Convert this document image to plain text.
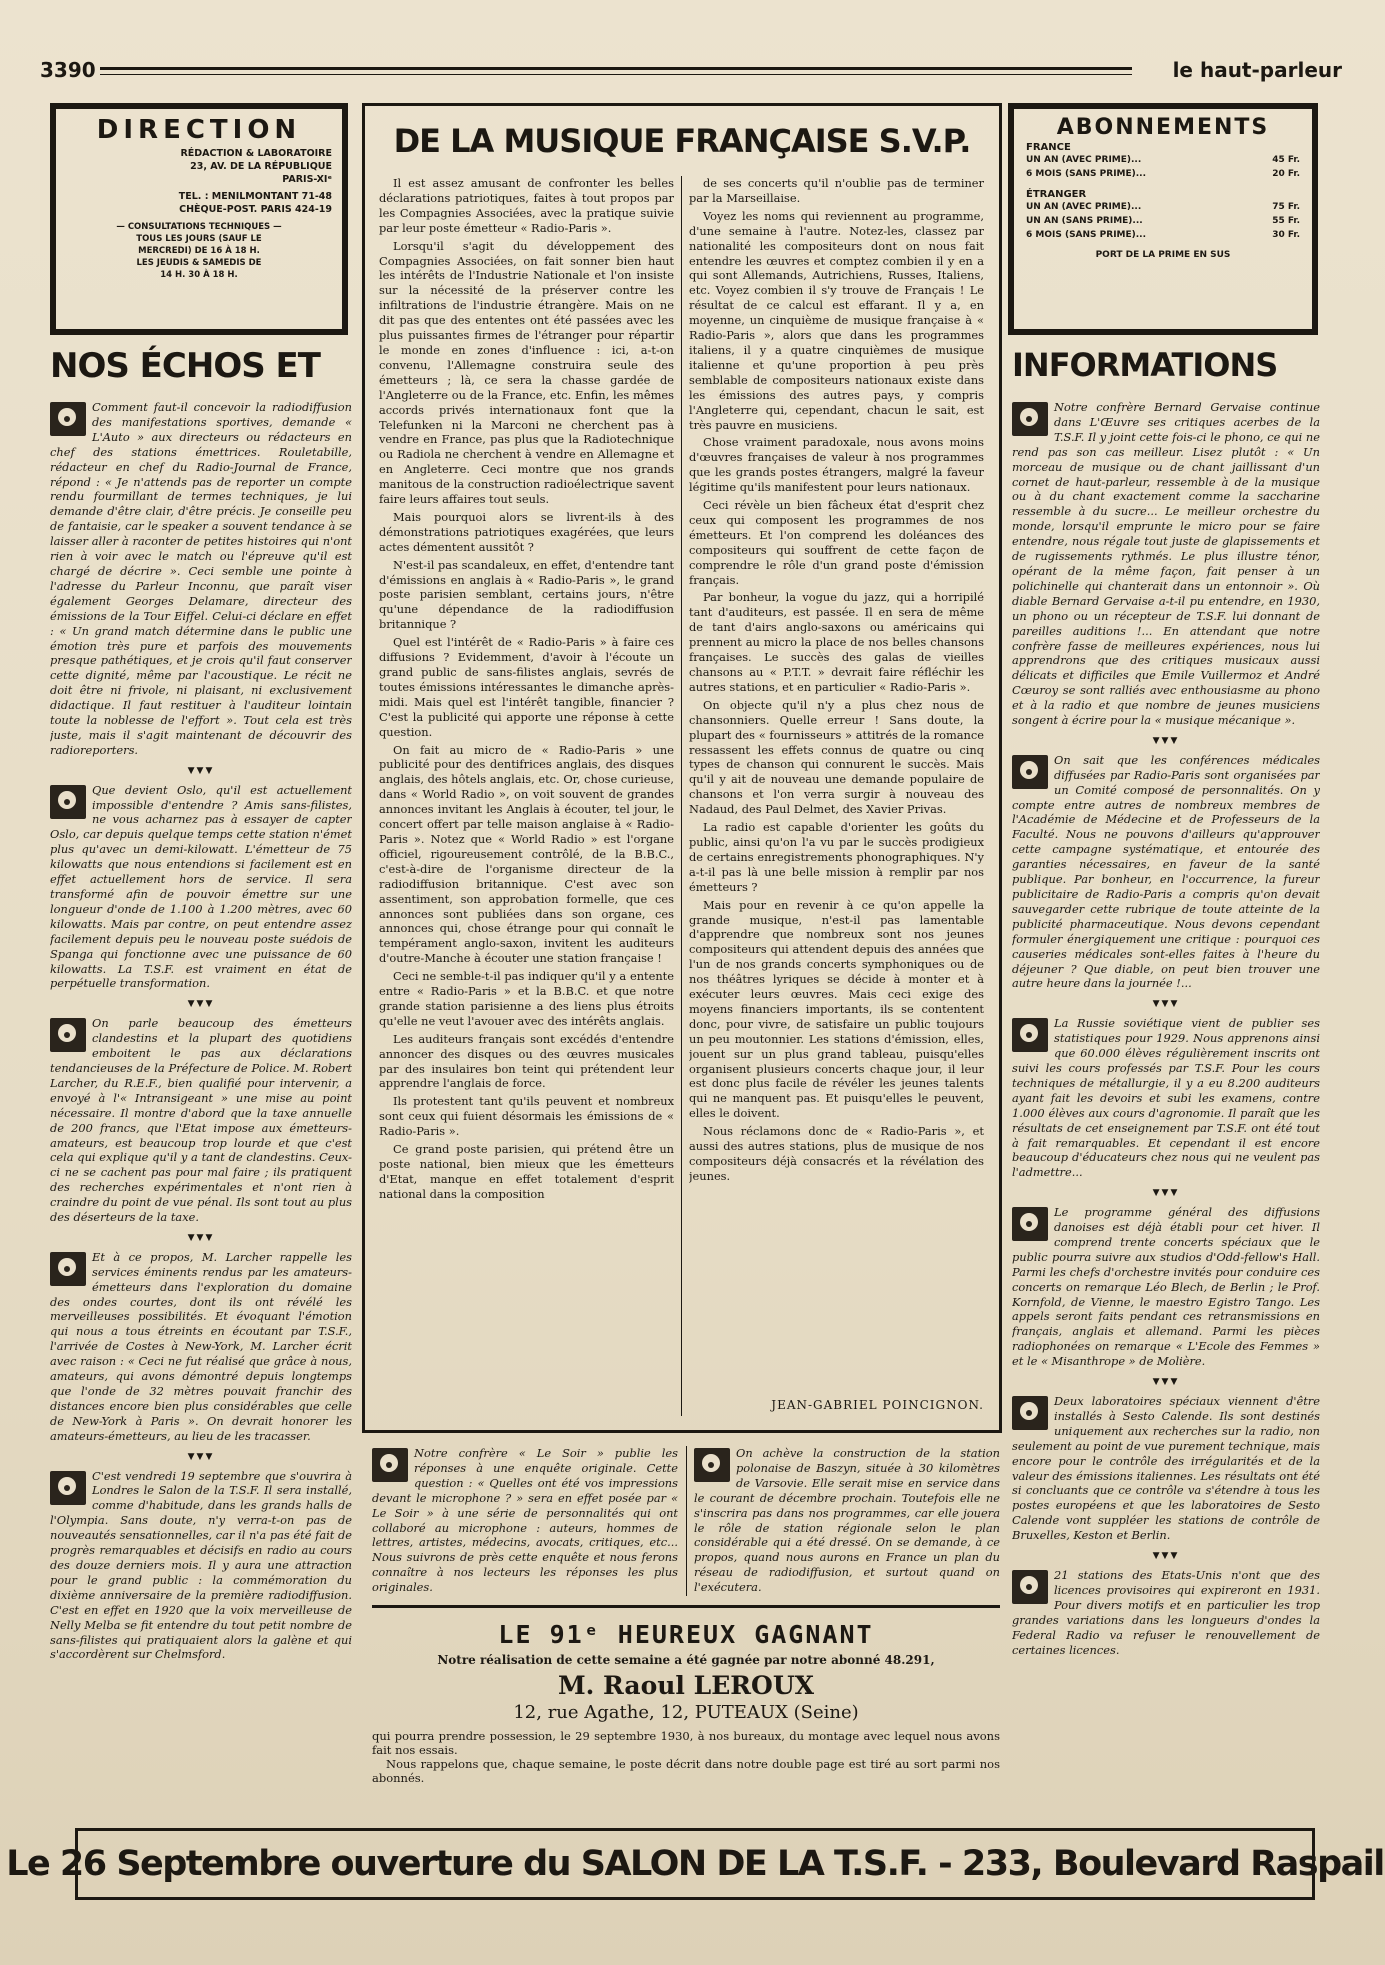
3390	le haut-parleur
DIRECTION
RÉDACTION & LABORATOIRE
23, AV. DE LA RÉPUBLIQUE
PARIS-XIᵉ
TEL. : MENILMONTANT 71-48
CHÈQUE-POST. PARIS 424-19
— CONSULTATIONS TECHNIQUES —
TOUS LES JOURS (SAUF LE
MERCREDI) DE 16 À 18 H.
LES JEUDIS & SAMEDIS DE
14 H. 30 À 18 H.
ABONNEMENTS
FRANCE
UN AN (AVEC PRIME)...	45 Fr.
6 MOIS (SANS PRIME)...	20 Fr.
ÉTRANGER
UN AN (AVEC PRIME)...	75 Fr.
UN AN (SANS PRIME)...	55 Fr.
6 MOIS (SANS PRIME)...	30 Fr.
PORT DE LA PRIME EN SUS
NOS ÉCHOS ET	INFORMATIONS

Comment faut-il concevoir la radiodiffusion des manifestations sportives, demande « L'Auto » aux directeurs ou rédacteurs en chef des stations émettrices. Rouletabille, rédacteur en chef du Radio-Journal de France, répond : « Je n'attends pas de reporter un compte rendu fourmillant de termes techniques, je lui demande d'être clair, d'être précis. Je conseille peu de fantaisie, car le speaker a souvent tendance à se laisser aller à raconter de petites histoires qui n'ont rien à voir avec le match ou l'épreuve qu'il est chargé de décrire ». Ceci semble une pointe à l'adresse du Parleur Inconnu, que paraît viser également Georges Delamare, directeur des émissions de la Tour Eiffel. Celui-ci déclare en effet : « Un grand match détermine dans le public une émotion très pure et parfois des mouvements presque pathétiques, et je crois qu'il faut conserver cette dignité, même par l'acoustique. Le récit ne doit être ni frivole, ni plaisant, ni exclusivement didactique. Il faut restituer à l'auditeur lointain toute la noblesse de l'effort ». Tout cela est très juste, mais il s'agit maintenant de découvrir des radioreporters.

▼▼▼

Que devient Oslo, qu'il est actuellement impossible d'entendre ? Amis sans-filistes, ne vous acharnez pas à essayer de capter Oslo, car depuis quelque temps cette station n'émet plus qu'avec un demi-kilowatt. L'émetteur de 75 kilowatts que nous entendions si facilement est en effet actuellement hors de service. Il sera transformé afin de pouvoir émettre sur une longueur d'onde de 1.100 à 1.200 mètres, avec 60 kilowatts. Mais par contre, on peut entendre assez facilement depuis peu le nouveau poste suédois de Spanga qui fonctionne avec une puissance de 60 kilowatts. La T.S.F. est vraiment en état de perpétuelle transformation.

▼▼▼

On parle beaucoup des émetteurs clandestins et la plupart des quotidiens emboitent le pas aux déclarations tendancieuses de la Préfecture de Police. M. Robert Larcher, du R.E.F., bien qualifié pour intervenir, a envoyé à l'« Intransigeant » une mise au point nécessaire. Il montre d'abord que la taxe annuelle de 200 francs, que l'Etat impose aux émetteurs-amateurs, est beaucoup trop lourde et que c'est cela qui explique qu'il y a tant de clandestins. Ceux-ci ne se cachent pas pour mal faire ; ils pratiquent des recherches expérimentales et n'ont rien à craindre du point de vue pénal. Ils sont tout au plus des déserteurs de la taxe.

▼▼▼

Et à ce propos, M. Larcher rappelle les services éminents rendus par les amateurs-émetteurs dans l'exploration du domaine des ondes courtes, dont ils ont révélé les merveilleuses possibilités. Et évoquant l'émotion qui nous a tous étreints en écoutant par T.S.F., l'arrivée de Costes à New-York, M. Larcher écrit avec raison : « Ceci ne fut réalisé que grâce à nous, amateurs, qui avons démontré depuis longtemps que l'onde de 32 mètres pouvait franchir des distances encore bien plus considérables que celle de New-York à Paris ». On devrait honorer les amateurs-émetteurs, au lieu de les tracasser.

▼▼▼

C'est vendredi 19 septembre que s'ouvrira à Londres le Salon de la T.S.F. Il sera installé, comme d'habitude, dans les grands halls de l'Olympia. Sans doute, n'y verra-t-on pas de nouveautés sensationnelles, car il n'a pas été fait de progrès remarquables et décisifs en radio au cours des douze derniers mois. Il y aura une attraction pour le grand public : la commémoration du dixième anniversaire de la première radiodiffusion. C'est en effet en 1920 que la voix merveilleuse de Nelly Melba se fit entendre du tout petit nombre de sans-filistes qui pratiquaient alors la galène et qui s'accordèrent sur Chelmsford.

Notre confrère Bernard Gervaise continue dans L'Œuvre ses critiques acerbes de la T.S.F. Il y joint cette fois-ci le phono, ce qui ne rend pas son cas meilleur. Lisez plutôt : « Un morceau de musique ou de chant jaillissant d'un cornet de haut-parleur, ressemble à de la musique ou à du chant exactement comme la saccharine ressemble à du sucre... Le meilleur orchestre du monde, lorsqu'il emprunte le micro pour se faire entendre, nous régale tout juste de glapissements et de rugissements rythmés. Le plus illustre ténor, opérant de la même façon, fait penser à un polichinelle qui chanterait dans un entonnoir ». Où diable Bernard Gervaise a-t-il pu entendre, en 1930, un phono ou un récepteur de T.S.F. lui donnant de pareilles auditions !... En attendant que notre confrère fasse de meilleures expériences, nous lui apprendrons que des critiques musicaux aussi délicats et difficiles que Emile Vuillermoz et André Cœuroy se sont ralliés avec enthousiasme au phono et à la radio et que nombre de jeunes musiciens songent à écrire pour la « musique mécanique ».

▼▼▼

On sait que les conférences médicales diffusées par Radio-Paris sont organisées par un Comité composé de personnalités. On y compte entre autres de nombreux membres de l'Académie de Médecine et de Professeurs de la Faculté. Nous ne pouvons d'ailleurs qu'approuver cette campagne systématique, et entourée des garanties nécessaires, en faveur de la santé publique. Par bonheur, en l'occurrence, la fureur publicitaire de Radio-Paris a compris qu'on devait sauvegarder cette rubrique de toute atteinte de la publicité pharmaceutique. Nous devons cependant formuler énergiquement une critique : pourquoi ces causeries médicales sont-elles faites à l'heure du déjeuner ? Que diable, on peut bien trouver une autre heure dans la journée !...

▼▼▼

La Russie soviétique vient de publier ses statistiques pour 1929. Nous apprenons ainsi que 60.000 élèves régulièrement inscrits ont suivi les cours professés par T.S.F. Pour les cours techniques de métallurgie, il y a eu 8.200 auditeurs ayant fait les devoirs et subi les examens, contre 1.000 élèves aux cours d'agronomie. Il paraît que les résultats de cet enseignement par T.S.F. ont été tout à fait remarquables. Et cependant il est encore beaucoup d'éducateurs chez nous qui ne veulent pas l'admettre...

▼▼▼

Le programme général des diffusions danoises est déjà établi pour cet hiver. Il comprend trente concerts spéciaux que le public pourra suivre aux studios d'Odd-fellow's Hall. Parmi les chefs d'orchestre invités pour conduire ces concerts on remarque Léo Blech, de Berlin ; le Prof. Kornfold, de Vienne, le maestro Egistro Tango. Les appels seront faits pendant ces retransmissions en français, anglais et allemand. Parmi les pièces radiophonées on remarque « L'Ecole des Femmes » et le « Misanthrope » de Molière.

▼▼▼

Deux laboratoires spéciaux viennent d'être installés à Sesto Calende. Ils sont destinés uniquement aux recherches sur la radio, non seulement au point de vue purement technique, mais encore pour le contrôle des irrégularités et de la valeur des émissions italiennes. Les résultats ont été si concluants que ce contrôle va s'étendre à tous les postes européens et que les laboratoires de Sesto Calende vont suppléer les stations de contrôle de Bruxelles, Keston et Berlin.

▼▼▼

21 stations des Etats-Unis n'ont que des licences provisoires qui expireront en 1931. Pour divers motifs et en particulier les trop grandes variations dans les longueurs d'ondes la Federal Radio va refuser le renouvellement de certaines licences.

DE LA MUSIQUE FRANÇAISE S.V.P.

Il est assez amusant de confronter les belles déclarations patriotiques, faites à tout propos par les Compagnies Associées, avec la pratique suivie par leur poste émetteur « Radio-Paris ».

Lorsqu'il s'agit du développement des Compagnies Associées, on fait sonner bien haut les intérêts de l'Industrie Nationale et l'on insiste sur la nécessité de la préserver contre les infiltrations de l'industrie étrangère. Mais on ne dit pas que des ententes ont été passées avec les plus puissantes firmes de l'étranger pour répartir le monde en zones d'influence : ici, a-t-on convenu, l'Allemagne construira seule des émetteurs ; là, ce sera la chasse gardée de l'Angleterre ou de la France, etc. Enfin, les mêmes accords privés internationaux font que la Telefunken ni la Marconi ne cherchent pas à vendre en France, pas plus que la Radiotechnique ou Radiola ne cherchent à vendre en Allemagne et en Angleterre. Ceci montre que nos grands manitous de la construction radioélectrique savent faire leurs affaires tout seuls.

Mais pourquoi alors se livrent-ils à des démonstrations patriotiques exagérées, que leurs actes démentent aussitôt ?

N'est-il pas scandaleux, en effet, d'entendre tant d'émissions en anglais à « Radio-Paris », le grand poste parisien semblant, certains jours, n'être qu'une dépendance de la radiodiffusion britannique ?

Quel est l'intérêt de « Radio-Paris » à faire ces diffusions ? Evidemment, d'avoir à l'écoute un grand public de sans-filistes anglais, sevrés de toutes émissions intéressantes le dimanche après-midi. Mais quel est l'intérêt tangible, financier ? C'est la publicité qui apporte une réponse à cette question.

On fait au micro de « Radio-Paris » une publicité pour des dentifrices anglais, des disques anglais, des hôtels anglais, etc. Or, chose curieuse, dans « World Radio », on voit souvent de grandes annonces invitant les Anglais à écouter, tel jour, le concert offert par telle maison anglaise à « Radio-Paris ». Notez que « World Radio » est l'organe officiel, rigoureusement contrôlé, de la B.B.C., c'est-à-dire de l'organisme directeur de la radiodiffusion britannique. C'est avec son assentiment, son approbation formelle, que ces annonces sont publiées dans son organe, ces annonces qui, chose étrange pour qui connaît le tempérament anglo-saxon, invitent les auditeurs d'outre-Manche à écouter une station française !

Ceci ne semble-t-il pas indiquer qu'il y a entente entre « Radio-Paris » et la B.B.C. et que notre grande station parisienne a des liens plus étroits qu'elle ne veut l'avouer avec des intérêts anglais.

Les auditeurs français sont excédés d'entendre annoncer des disques ou des œuvres musicales par des insulaires bon teint qui prétendent leur apprendre l'anglais de force.

Ils protestent tant qu'ils peuvent et nombreux sont ceux qui fuient désormais les émissions de « Radio-Paris ».

Ce grand poste parisien, qui prétend être un poste national, bien mieux que les émetteurs d'Etat, manque en effet totalement d'esprit national dans la composition

de ses concerts qu'il n'oublie pas de terminer par la Marseillaise.

Voyez les noms qui reviennent au programme, d'une semaine à l'autre. Notez-les, classez par nationalité les compositeurs dont on nous fait entendre les œuvres et comptez combien il y en a qui sont Allemands, Autrichiens, Russes, Italiens, etc. Voyez combien il s'y trouve de Français ! Le résultat de ce calcul est effarant. Il y a, en moyenne, un cinquième de musique française à « Radio-Paris », alors que dans les programmes italiens, il y a quatre cinquièmes de musique italienne et qu'une proportion à peu près semblable de compositeurs nationaux existe dans les émissions des autres pays, y compris l'Angleterre qui, cependant, chacun le sait, est très pauvre en musiciens.

Chose vraiment paradoxale, nous avons moins d'œuvres françaises de valeur à nos programmes que les grands postes étrangers, malgré la faveur légitime qu'ils manifestent pour leurs nationaux.

Ceci révèle un bien fâcheux état d'esprit chez ceux qui composent les programmes de nos émetteurs. Et l'on comprend les doléances des compositeurs qui souffrent de cette façon de comprendre le rôle d'un grand poste d'émission français.

Par bonheur, la vogue du jazz, qui a horripilé tant d'auditeurs, est passée. Il en sera de même de tant d'airs anglo-saxons ou américains qui prennent au micro la place de nos belles chansons françaises. Le succès des galas de vieilles chansons au « P.T.T. » devrait faire réfléchir les autres stations, et en particulier « Radio-Paris ».

On objecte qu'il n'y a plus chez nous de chansonniers. Quelle erreur ! Sans doute, la plupart des « fournisseurs » attitrés de la romance ressassent les effets connus de quatre ou cinq types de chanson qui connurent le succès. Mais qu'il y ait de nouveau une demande populaire de chansons et l'on verra surgir à nouveau des Nadaud, des Paul Delmet, des Xavier Privas.

La radio est capable d'orienter les goûts du public, ainsi qu'on l'a vu par le succès prodigieux de certains enregistrements phonographiques. N'y a-t-il pas là une belle mission à remplir par nos émetteurs ?

Mais pour en revenir à ce qu'on appelle la grande musique, n'est-il pas lamentable d'apprendre que nombreux sont nos jeunes compositeurs qui attendent depuis des années que l'un de nos grands concerts symphoniques ou de nos théâtres lyriques se décide à monter et à exécuter leurs œuvres. Mais ceci exige des moyens financiers importants, ils se contentent donc, pour vivre, de satisfaire un public toujours un peu moutonnier. Les stations d'émission, elles, jouent sur un plus grand tableau, puisqu'elles organisent plusieurs concerts chaque jour, il leur est donc plus facile de révéler les jeunes talents qui ne manquent pas. Et puisqu'elles le peuvent, elles le doivent.

Nous réclamons donc de « Radio-Paris », et aussi des autres stations, plus de musique de nos compositeurs déjà consacrés et la révélation des jeunes.

JEAN-GABRIEL POINCIGNON.

Notre confrère « Le Soir » publie les réponses à une enquête originale. Cette question : « Quelles ont été vos impressions devant le microphone ? » sera en effet posée par « Le Soir » à une série de personnalités qui ont collaboré au microphone : auteurs, hommes de lettres, artistes, médecins, avocats, critiques, etc... Nous suivrons de près cette enquête et nous ferons connaître à nos lecteurs les réponses les plus originales.

On achève la construction de la station polonaise de Baszyn, située à 30 kilomètres de Varsovie. Elle serait mise en service dans le courant de décembre prochain. Toutefois elle ne s'inscrira pas dans nos programmes, car elle jouera le rôle de station régionale selon le plan considérable qui a été dressé. On se demande, à ce propos, quand nous aurons en France un plan du réseau de radiodiffusion, et surtout quand on l'exécutera.

LE 91ᵉ HEUREUX GAGNANT
Notre réalisation de cette semaine a été gagnée par notre abonné 48.291,
M. Raoul LEROUX
12, rue Agathe, 12, PUTEAUX (Seine)
qui pourra prendre possession, le 29 septembre 1930, à nos bureaux, du montage avec lequel nous avons fait nos essais.
Nous rappelons que, chaque semaine, le poste décrit dans notre double page est tiré au sort parmi nos abonnés.
Le 26 Septembre ouverture du SALON DE LA T.S.F. - 233, Boulevard Raspail
